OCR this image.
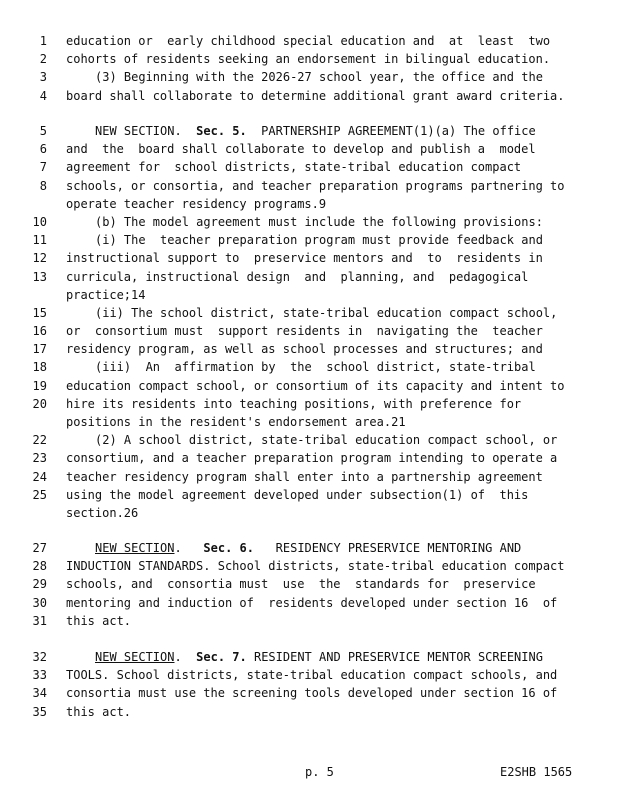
1 education or  early childhood special education and  at  least  two
2 cohorts of residents seeking an endorsement in bilingual education.
3	(3) Beginning with the 2026-27 school year, the office and the
4 board shall collaborate to determine additional grant award criteria.
5	NEW SECTION.  Sec. 5.  PARTNERSHIP AGREEMENT(1)(a) The office
6 and  the  board shall collaborate to develop and publish a  model
7 agreement for  school districts, state-tribal education compact
8 schools, or consortia, and teacher preparation programs partnering to
operate teacher residency programs.9
10	(b) The model agreement must include the following provisions:
11	(i) The  teacher preparation program must provide feedback and
12 instructional support to  preservice mentors and  to  residents in
13 curricula, instructional design  and  planning, and  pedagogical
practice;14
15	(ii) The school district, state-tribal education compact school,
16 or  consortium must  support residents in  navigating the  teacher
17 residency program, as well as school processes and structures; and
18	(iii)  An  affirmation by  the  school district, state-tribal
19 education compact school, or consortium of its capacity and intent to
20 hire its residents into teaching positions, with preference for
positions in the resident's endorsement area.21
22	(2) A school district, state-tribal education compact school, or
23 consortium, and a teacher preparation program intending to operate a
24 teacher residency program shall enter into a partnership agreement
25 using the model agreement developed under subsection(1) of  this
section.26
27	NEW SECTION.   Sec. 6.   RESIDENCY PRESERVICE MENTORING AND
28 INDUCTION STANDARDS. School districts, state-tribal education compact
29 schools, and  consortia must  use  the  standards for  preservice
30 mentoring and induction of  residents developed under section 16  of
31 this act.
32	NEW SECTION.  Sec. 7. RESIDENT AND PRESERVICE MENTOR SCREENING
33 TOOLS. School districts, state-tribal education compact schools, and
34 consortia must use the screening tools developed under section 16 of
35 this act.
p. 5	E2SHB 1565
